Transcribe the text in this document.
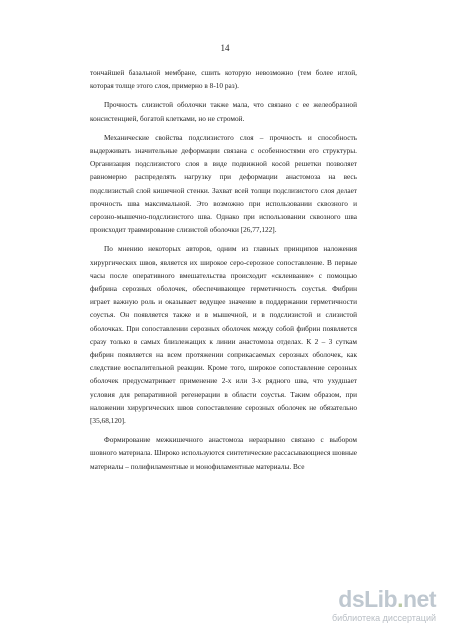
14

тончайшей базальной мембране, сшить которую невозможно (тем более иглой, которая толще этого слоя, примерно в 8-10 раз).

Прочность слизистой оболочки также мала, что связано с ее желеобразной консистенцией, богатой клетками, но не стромой.

Механические свойства подслизистого слоя – прочность и способность выдерживать значительные деформации связана с особенностями его структуры. Организация подслизистого слоя в виде подвижной косой решетки позволяет равномерно распределять нагрузку при деформации анастомоза на весь подслизистый слой кишечной стенки. Захват всей толщи подслизистого слоя делает прочность шва максимальной. Это возможно при использовании сквозного и серозно-мышечно-подслизистого шва. Однако при использовании сквозного шва происходит травмирование слизистой оболочки [26,77,122].

По мнению некоторых авторов, одним из главных принципов наложения хирургических швов, является их широкое серо-серозное сопоставление. В первые часы после оперативного вмешательства происходит «склеивание» с помощью фибрина серозных оболочек, обеспечивающее герметичность соустья. Фибрин играет важную роль и оказывает ведущее значение в поддержании герметичности соустья. Он появляется также и в мышечной, и в подслизистой и слизистой оболочках. При сопоставлении серозных оболочек между собой фибрин появляется сразу только в самых близлежащих к линии анастомоза отделах. К 2 – 3 суткам фибрин появляется на всем протяжении соприкасаемых серозных оболочек, как следствие воспалительной реакции. Кроме того, широкое сопоставление серозных оболочек предусматривает применение 2-х или 3-х рядного шва, что ухудшает условия для репаративной регенерации в области соустья. Таким образом, при наложении хирургических швов сопоставление серозных оболочек не обязательно [35,68,120].

Формирование межкишечного анастомоза неразрывно связано с выбором шовного материала. Широко используются синтетические рассасывающиеся шовные материалы – полифиламентные и монофиламентные материалы. Все

dsLib.net
библиотека диссертаций
